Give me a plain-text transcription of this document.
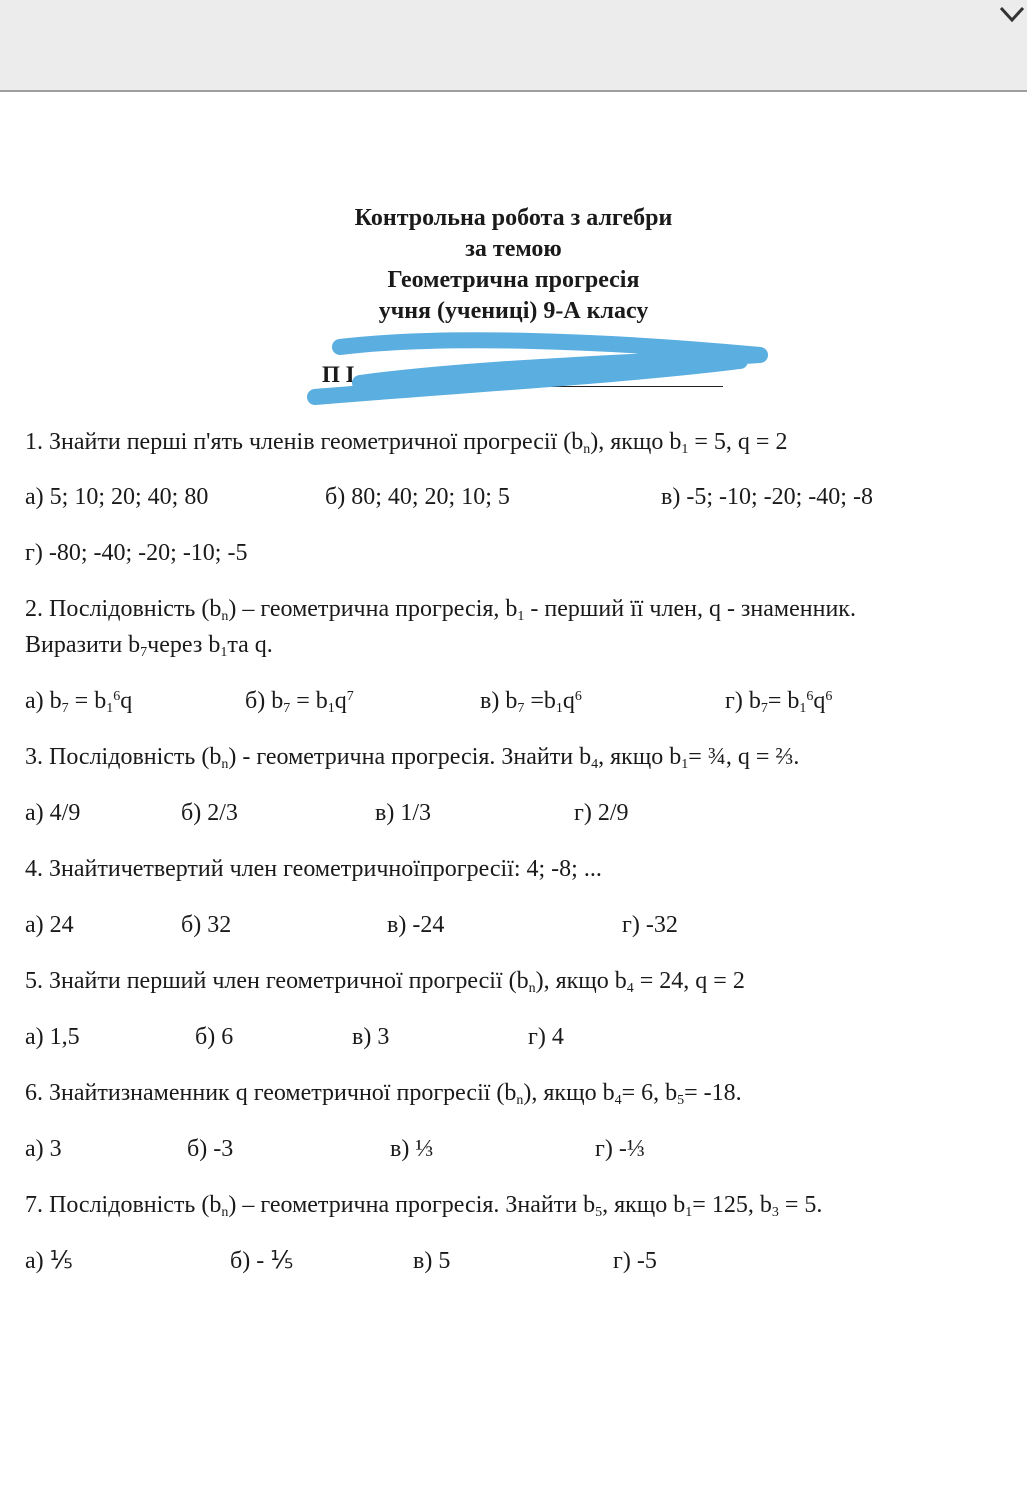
Контрольна робота з алгебри
за темою
Геометрична прогресія
учня (учениці) 9-А класу
П І
1. Знайти перші п'ять членів геометричної прогресії $(b_n)$, якщо $b_1 = 5$, q = 2
а) 5; 10; 20; 40; 80	б) 80; 40; 20; 10; 5	в) -5; -10; -20; -40; -8
г) -80; -40; -20; -10; -5
2. Послідовність $(b_n)$ – геометрична прогресія, $b_1$ - перший її член, q - знаменник.
Виразити $b_7через$ $b_1та$ q.
а) $b_7 = b_1^6q$	б) $b_7 = b_1q^7$	в) $b_7 =b_1q^6$	г) $b_7= b_1^6q^6$
3. Послідовність $(b_n)$ - геометрична прогресія. Знайти $b_4$, якщо $b_1=$ ¾, q = ⅔.
а) 4/9	б) 2/3	в) 1/3	г) 2/9
4. Знайтичетвертий член геометричноїпрогресії: 4; -8; ...
а) 24	б) 32	в) -24	г) -32
5. Знайти перший член геометричної прогресії $(b_n)$, якщо $b_4 = 24$, q = 2
а) 1,5	б) 6	в) 3	г) 4
6. Знайтизнаменник q геометричної прогресії $(b_n)$, якщо $b_4= 6$, $b_5= -18$.
а) 3	б) -3	в) ⅓	г) -⅓
7. Послідовність $(b_n)$ – геометрична прогресія. Знайти $b_5$, якщо $b_1= 125$, $b_3 = 5$.
а) ⅕	б) - ⅕	в) 5	г) -5
